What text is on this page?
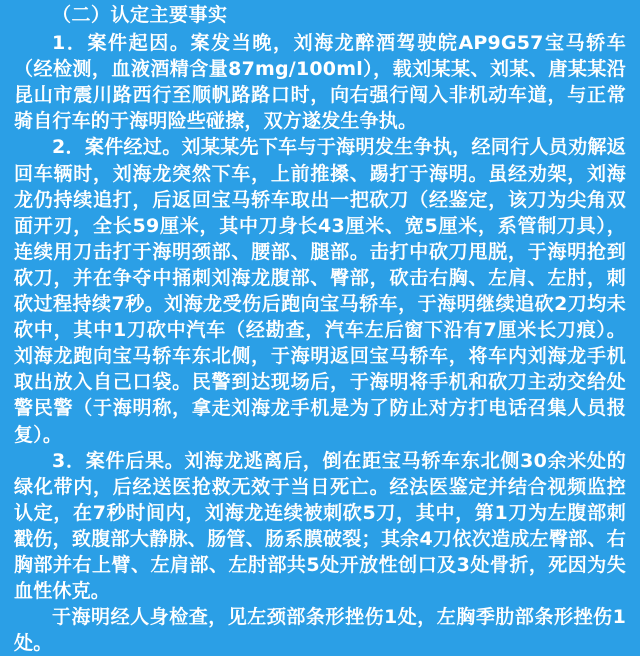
（二）认定主要事实

1．案件起因。案发当晚，刘海龙醉酒驾驶皖AP9G57宝马轿车（经检测，血液酒精含量87mg/100ml），载刘某某、刘某、唐某某沿昆山市震川路西行至顺帆路路口时，向右强行闯入非机动车道，与正常骑自行车的于海明险些碰擦，双方遂发生争执。

2．案件经过。刘某某先下车与于海明发生争执，经同行人员劝解返回车辆时，刘海龙突然下车，上前推搡、踢打于海明。虽经劝架，刘海龙仍持续追打，后返回宝马轿车取出一把砍刀（经鉴定，该刀为尖角双面开刃，全长59厘米，其中刀身长43厘米、宽5厘米，系管制刀具），连续用刀击打于海明颈部、腰部、腿部。击打中砍刀甩脱，于海明抢到砍刀，并在争夺中捅刺刘海龙腹部、臀部，砍击右胸、左肩、左肘，刺砍过程持续7秒。刘海龙受伤后跑向宝马轿车，于海明继续追砍2刀均未砍中，其中1刀砍中汽车（经勘查，汽车左后窗下沿有7厘米长刀痕）。刘海龙跑向宝马轿车东北侧，于海明返回宝马轿车，将车内刘海龙手机取出放入自己口袋。民警到达现场后，于海明将手机和砍刀主动交给处警民警（于海明称，拿走刘海龙手机是为了防止对方打电话召集人员报复）。

3．案件后果。刘海龙逃离后，倒在距宝马轿车东北侧30余米处的绿化带内，后经送医抢救无效于当日死亡。经法医鉴定并结合视频监控认定，在7秒时间内，刘海龙连续被刺砍5刀，其中，第1刀为左腹部刺戳伤，致腹部大静脉、肠管、肠系膜破裂；其余4刀依次造成左臀部、右胸部并右上臂、左肩部、左肘部共5处开放性创口及3处骨折，死因为失血性休克。

于海明经人身检查，见左颈部条形挫伤1处，左胸季肋部条形挫伤1处。
